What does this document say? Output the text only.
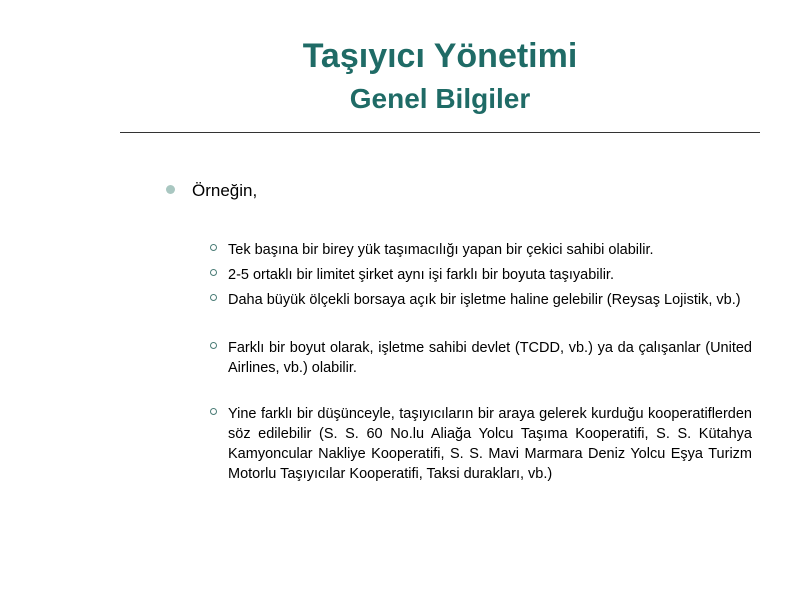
Taşıyıcı Yönetimi
Genel Bilgiler
Örneğin,
Tek başına bir birey yük taşımacılığı yapan bir çekici sahibi olabilir.
2-5 ortaklı bir limitet şirket aynı işi farklı bir boyuta taşıyabilir.
Daha büyük ölçekli borsaya açık bir işletme haline gelebilir (Reysaş Lojistik, vb.)
Farklı bir boyut olarak, işletme sahibi devlet (TCDD, vb.) ya da çalışanlar (United Airlines, vb.) olabilir.
Yine farklı bir düşünceyle, taşıyıcıların bir araya gelerek kurduğu kooperatiflerden söz edilebilir (S. S. 60 No.lu Aliağa Yolcu Taşıma Kooperatifi, S. S. Kütahya Kamyoncular Nakliye Kooperatifi, S. S. Mavi Marmara Deniz Yolcu Eşya Turizm Motorlu Taşıyıcılar Kooperatifi, Taksi durakları, vb.)
